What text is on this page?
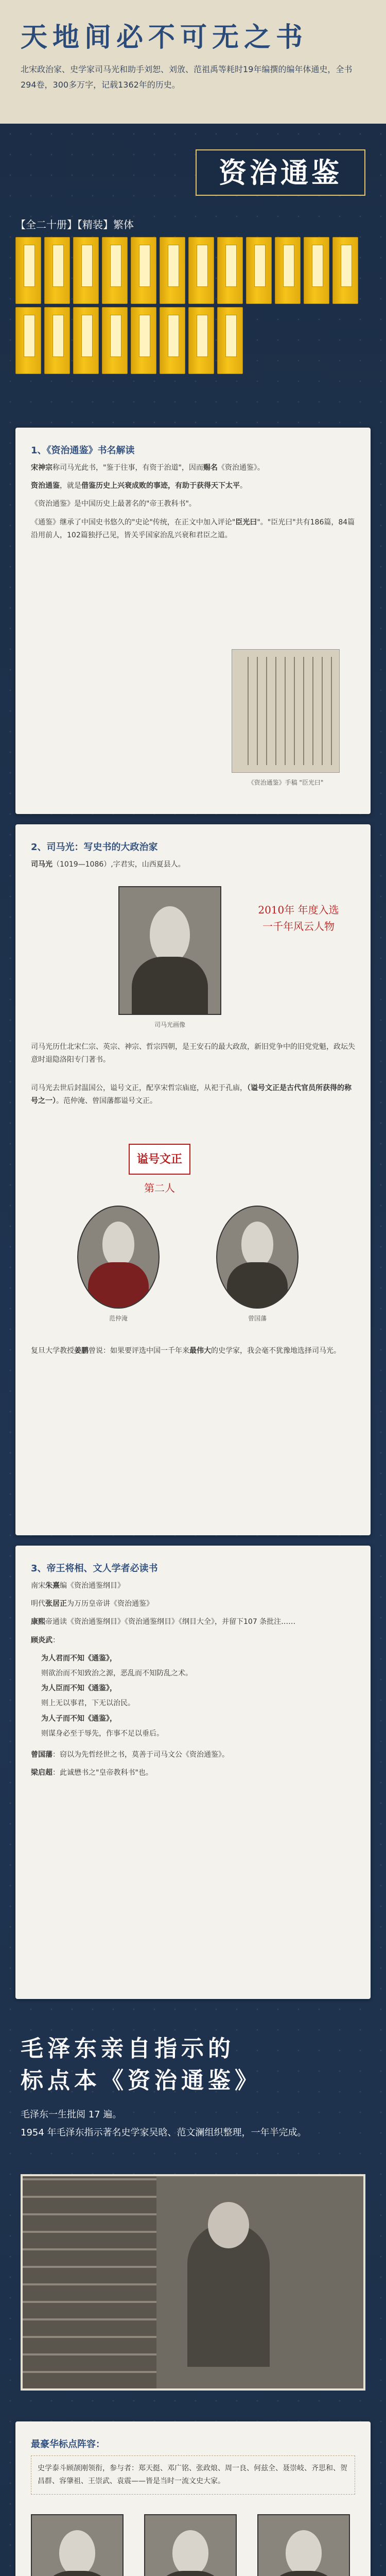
天地间必不可无之书
北宋政治家、史学家司马光和助手刘恕、刘攽、范祖禹等耗时19年编撰的编年体通史，全书294卷，300多万字，记载1362年的历史。
资治通鉴
【全二十册】【精装】繁体
1、《资治通鉴》书名解读

宋神宗称司马光此书，"鉴于往事，有资于治道"，因而赐名《资治通鉴》。

资治通鉴，就是借鉴历史上兴衰成败的事迹，有助于获得天下太平。

《资治通鉴》是中国历史上最著名的"帝王教科书"。

《通鉴》继承了中国史书悠久的"史论"传统，在正文中加入评论"臣光曰"。"臣光曰"共有186篇，84篇沿用前人，102篇独抒己见，皆关乎国家治乱兴衰和君臣之道。

《资治通鉴》手稿 "臣光曰"
2、司马光：写史书的大政治家

司马光（1019—1086）,字君实，山西夏县人。

司马光画像
2010年 年度入选 一千年风云人物

司马光历仕北宋仁宗、英宗、神宗、哲宗四朝，是王安石的最大政敌，新旧党争中的旧党党魁，政坛失意时退隐洛阳专门著书。

司马光去世后封温国公，谥号文正，配享宋哲宗庙庭，从祀于孔庙，（谥号文正是古代官员所获得的称号之一）。范仲淹、曾国藩都谥号文正。

谥号文正
第二人
范仲淹	曾国藩

复旦大学教授姜鹏曾说：如果要评选中国一千年来最伟大的史学家，我会毫不犹豫地选择司马光。

3、帝王将相、文人学者必读书

南宋朱熹编《资治通鉴纲目》

明代张居正为万历皇帝讲《资治通鉴》

康熙帝通读《资治通鉴纲目》《资治通鉴纲目》《纲目大全》，并留下107 条批注……

顾炎武：

为人君而不知《通鉴》，

则欲治而不知致治之源，恶乱而不知防乱之术。

为人臣而不知《通鉴》，

则上无以事君，下无以治民。

为人子而不知《通鉴》，

则谋身必至于辱先，作事不足以垂后。

曾国藩：窃以为先哲经世之书，莫善于司马文公《资治通鉴》。

梁启超：此诚懋书之"皇帝教科书"也。

毛泽东亲自指示的
标点本《资治通鉴》
毛泽东一生批阅 17 遍。
1954 年毛泽东指示著名史学家吴晗、范文澜组织整理，一年半完成。
最豪华标点阵容：

史学泰斗顾颉刚领衔，参与者：郑天挺、邓广铭、张政烺、周一良、何兹全、聂崇岐、齐思和、贺昌群、容肇祖、王崇武、袁震——皆是当时一流文史大家。
